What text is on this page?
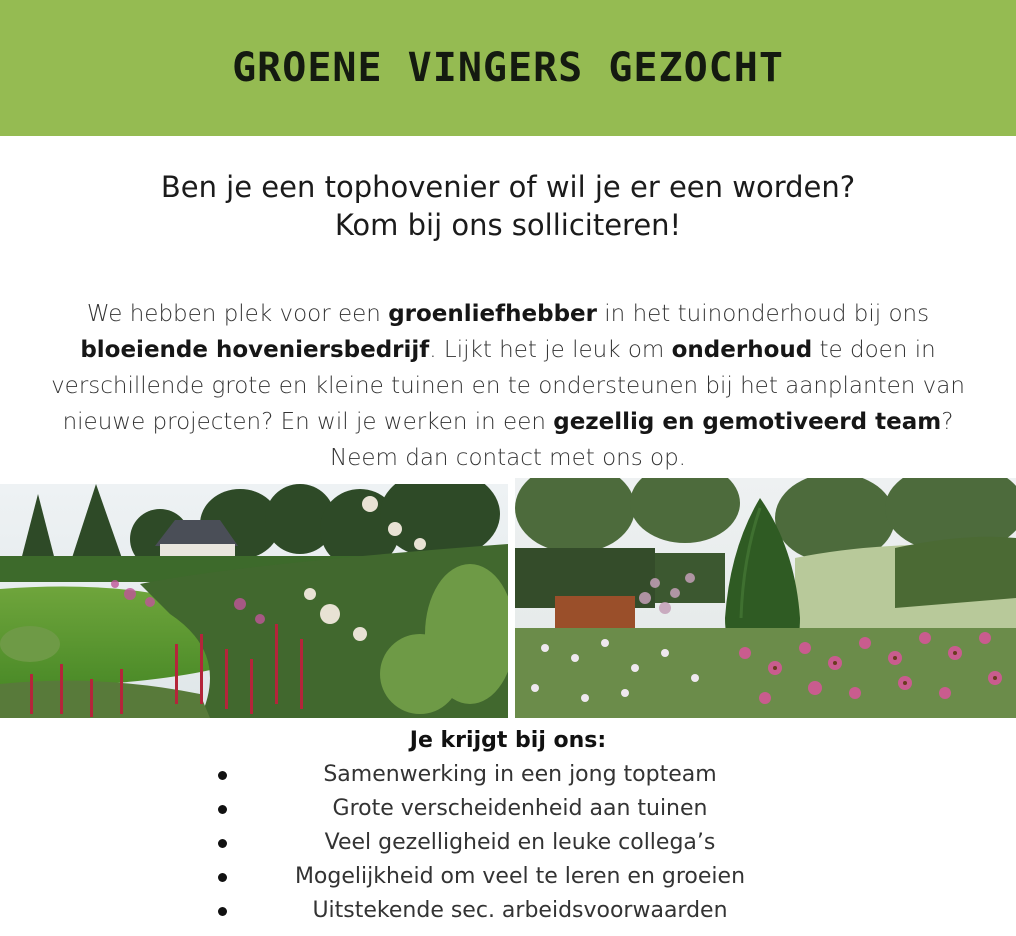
GROENE VINGERS GEZOCHT
Ben je een tophovenier of wil je er een worden?
Kom bij ons solliciteren!

We hebben plek voor een groenliefhebber in het tuinonderhoud bij ons bloeiende hoveniersbedrijf. Lijkt het je leuk om onderhoud te doen in verschillende grote en kleine tuinen en te ondersteunen bij het aanplanten van nieuwe projecten? En wil je werken in een gezellig en gemotiveerd team? Neem dan contact met ons op.

Je krijgt bij ons:
Samenwerking in een jong topteam
Grote verscheidenheid aan tuinen
Veel gezelligheid en leuke collega’s
Mogelijkheid om veel te leren en groeien
Uitstekende sec. arbeidsvoorwaarden
